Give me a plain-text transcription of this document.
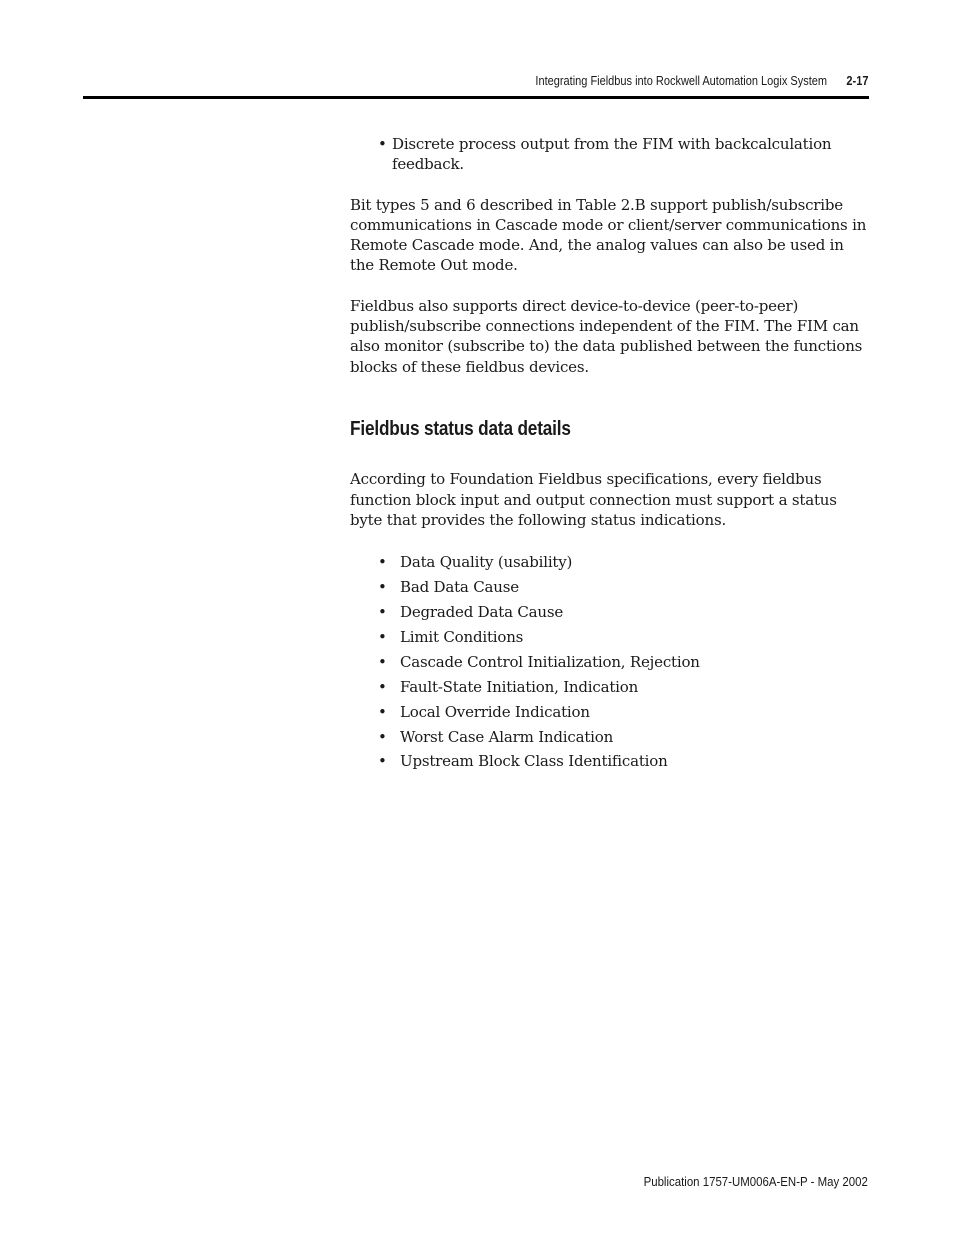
Integrating Fieldbus into Rockwell Automation Logix System 2-17
• Discrete process output from the FIM with backcalculation feedback.

Bit types 5 and 6 described in Table 2.B support publish/subscribe communications in Cascade mode or client/server communications in Remote Cascade mode. And, the analog values can also be used in the Remote Out mode.

Fieldbus also supports direct device-to-device (peer-to-peer) publish/subscribe connections independent of the FIM. The FIM can also monitor (subscribe to) the data published between the functions blocks of these fieldbus devices.

Fieldbus status data details

According to Foundation Fieldbus specifications, every fieldbus function block input and output connection must support a status byte that provides the following status indications.

• Data Quality (usability)
• Bad Data Cause
• Degraded Data Cause
• Limit Conditions
• Cascade Control Initialization, Rejection
• Fault-State Initiation, Indication
• Local Override Indication
• Worst Case Alarm Indication
• Upstream Block Class Identification
Publication 1757-UM006A-EN-P - May 2002
